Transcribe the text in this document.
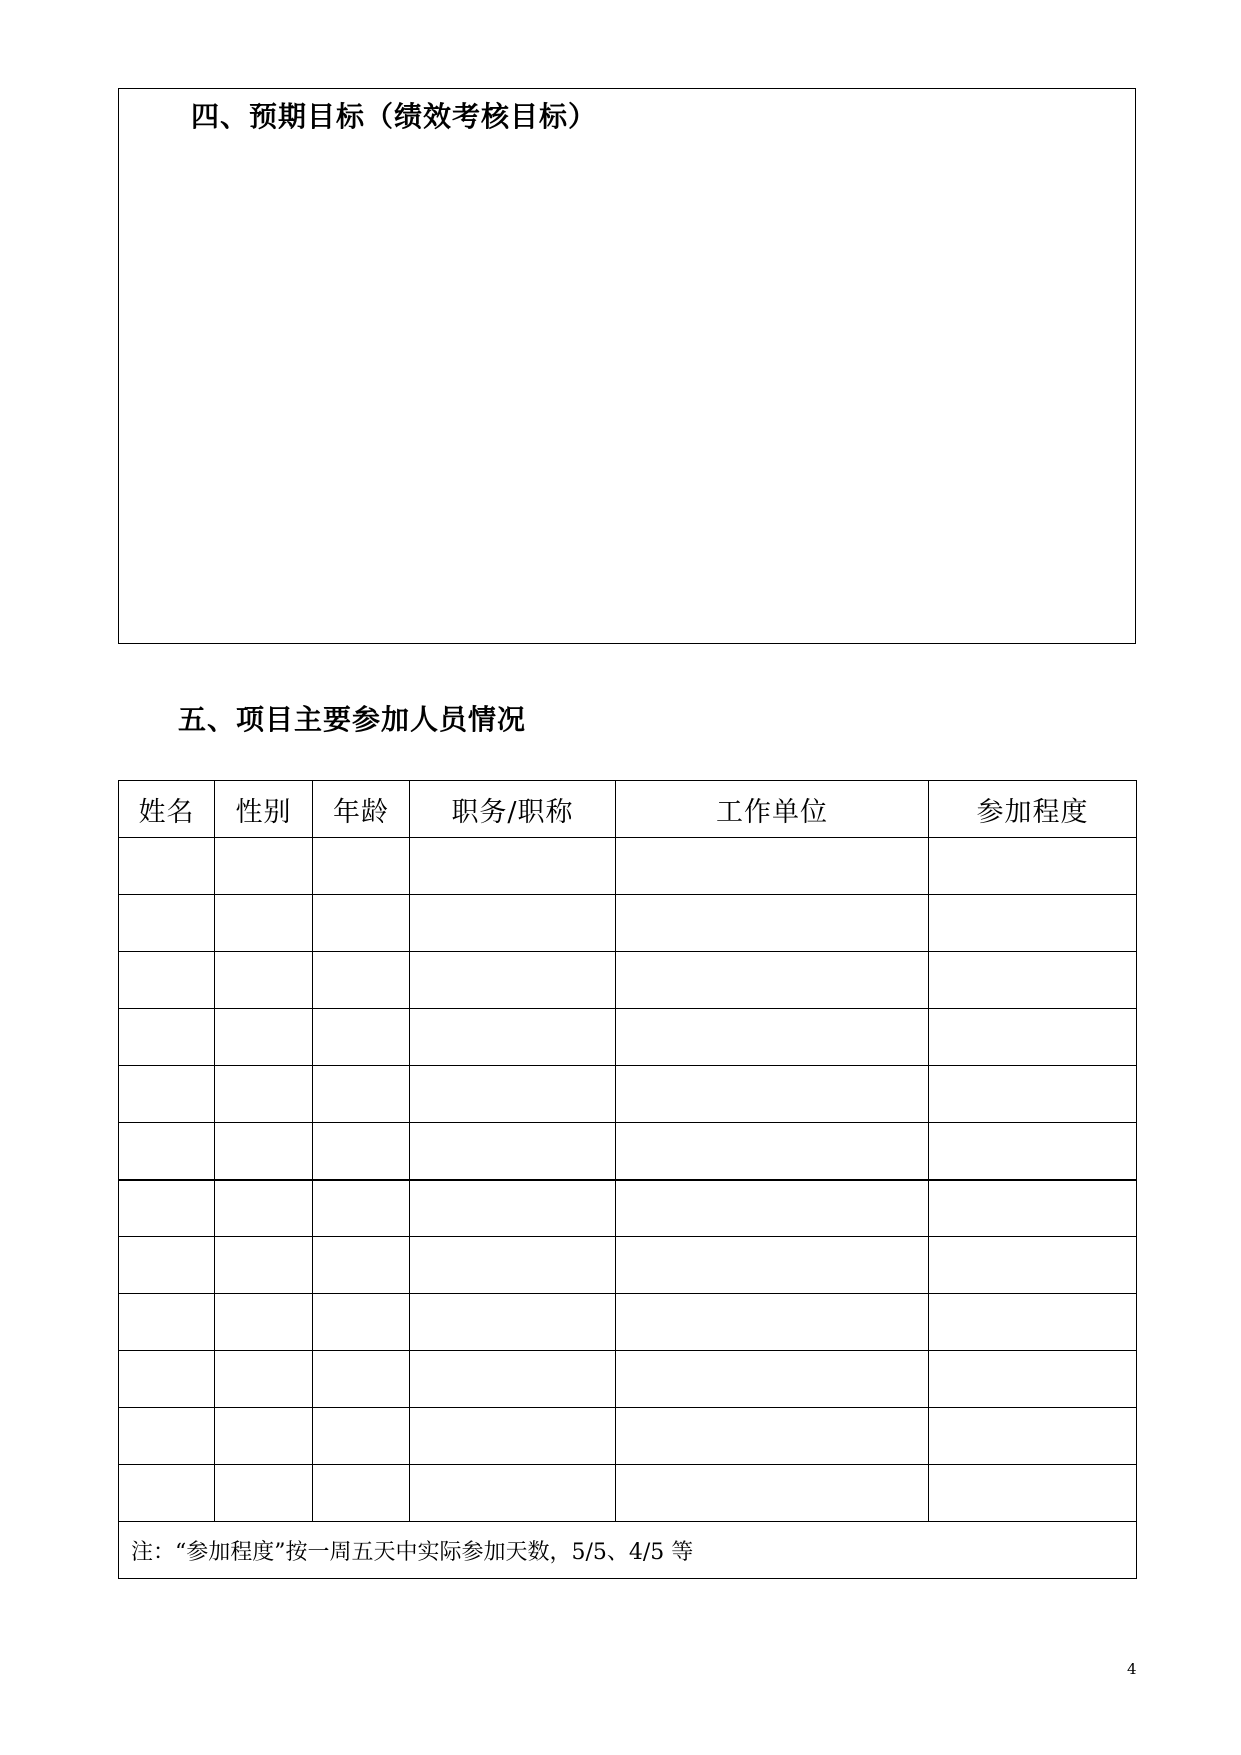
四、预期目标（绩效考核目标）
五、项目主要参加人员情况
姓名	性别	年龄	职务/职称	工作单位	参加程度

注：“参加程度”按一周五天中实际参加天数，5/5、4/5 等					
4
